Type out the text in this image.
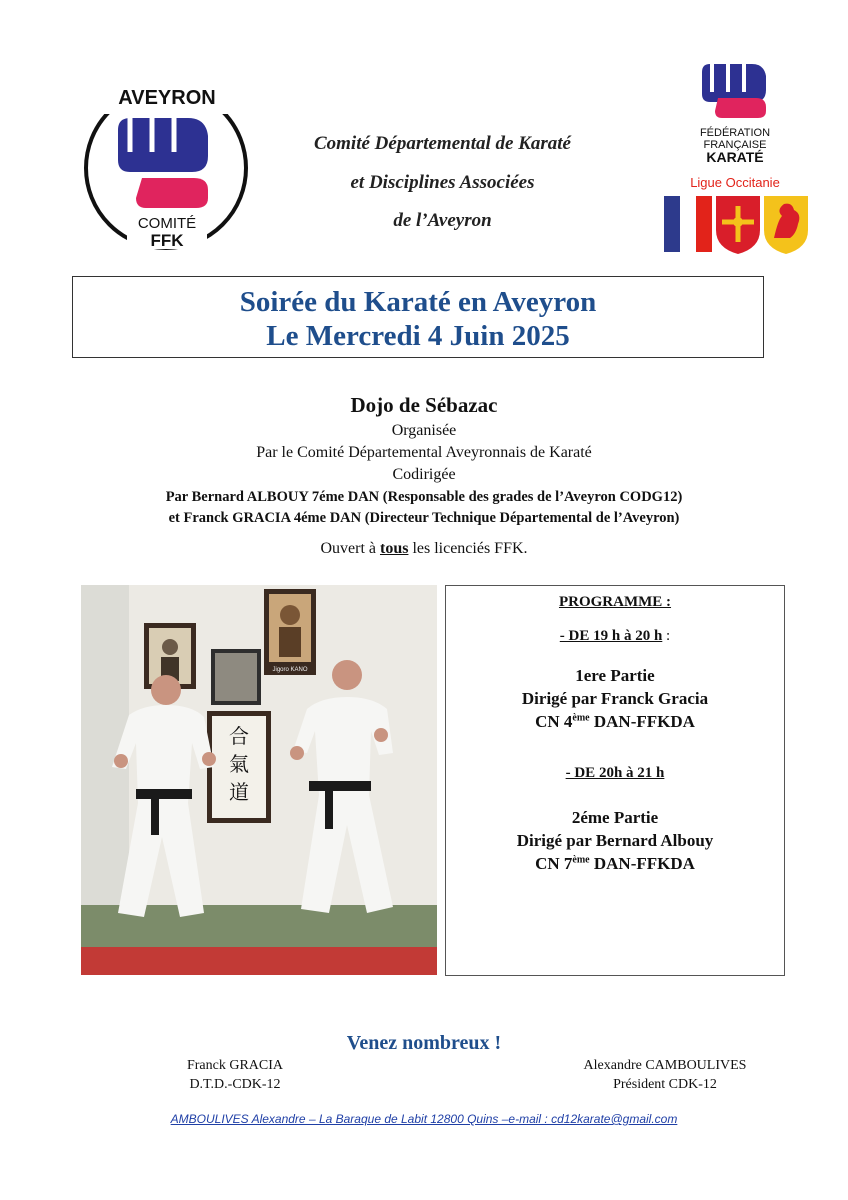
AVEYRON
COMITÉ
FFK
Comité Départemental de Karaté
et Disciplines Associées
de l’Aveyron
FÉDÉRATION
FRANÇAISE
KARATÉ
Ligue Occitanie
Soirée du Karaté en Aveyron
Le Mercredi 4 Juin 2025
Dojo de Sébazac
Organisée
Par le Comité Départemental Aveyronnais de Karaté
Codirigée
Par Bernard ALBOUY 7éme DAN (Responsable des grades de l’Aveyron CODG12)
et Franck GRACIA 4éme DAN (Directeur Technique Départemental de l’Aveyron)
Ouvert à tous les licenciés FFK.
Jigoro KANO
合
氣
道
PROGRAMME :
- DE 19 h à 20 h :
1ere Partie
Dirigé par Franck Gracia
CN 4ème DAN-FFKDA
- DE 20h à 21 h
2éme Partie
Dirigé par Bernard Albouy
CN 7ème DAN-FFKDA
Venez nombreux !
Franck GRACIA
D.T.D.-CDK-12
Alexandre CAMBOULIVES
Président CDK-12
AMBOULIVES Alexandre – La Baraque de Labit 12800 Quins –e-mail : cd12karate@gmail.com
